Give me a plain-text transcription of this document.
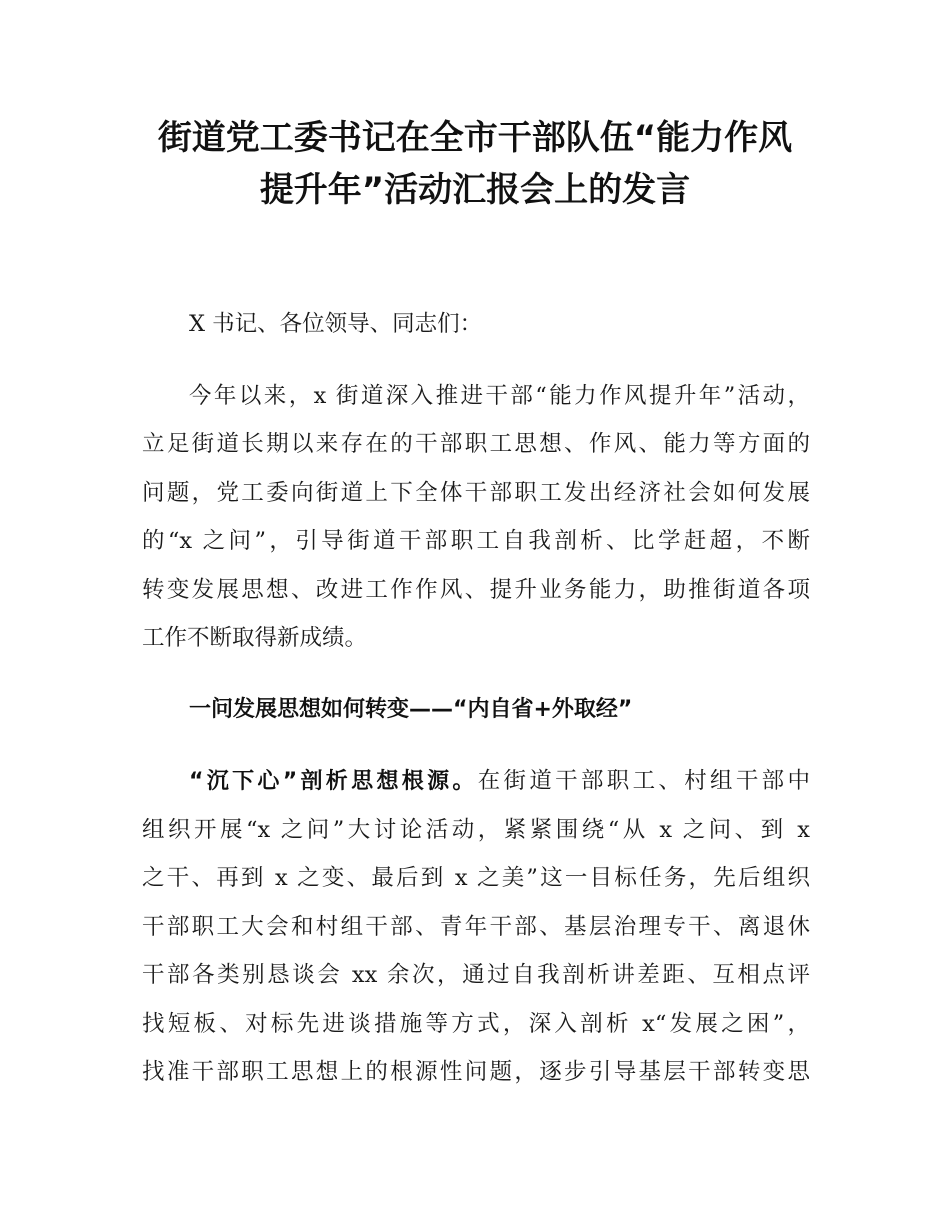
街道党工委书记在全市干部队伍“能力作风
提升年”活动汇报会上的发言

X 书记、各位领导、同志们：

今年以来，x 街道深入推进干部“能力作风提升年”活动，
立足街道长期以来存在的干部职工思想、作风、能力等方面的
问题，党工委向街道上下全体干部职工发出经济社会如何发展
的“x 之问”，引导街道干部职工自我剖析、比学赶超，不断
转变发展思想、改进工作作风、提升业务能力，助推街道各项
工作不断取得新成绩。

一问发展思想如何转变——“内自省+外取经”

“沉下心”剖析思想根源。在街道干部职工、村组干部中
组织开展“x 之问”大讨论活动，紧紧围绕“从 x 之问、到 x
之干、再到 x 之变、最后到 x 之美”这一目标任务，先后组织
干部职工大会和村组干部、青年干部、基层治理专干、离退休
干部各类别恳谈会 xx 余次，通过自我剖析讲差距、互相点评
找短板、对标先进谈措施等方式，深入剖析 x“发展之困”，
找准干部职工思想上的根源性问题，逐步引导基层干部转变思
